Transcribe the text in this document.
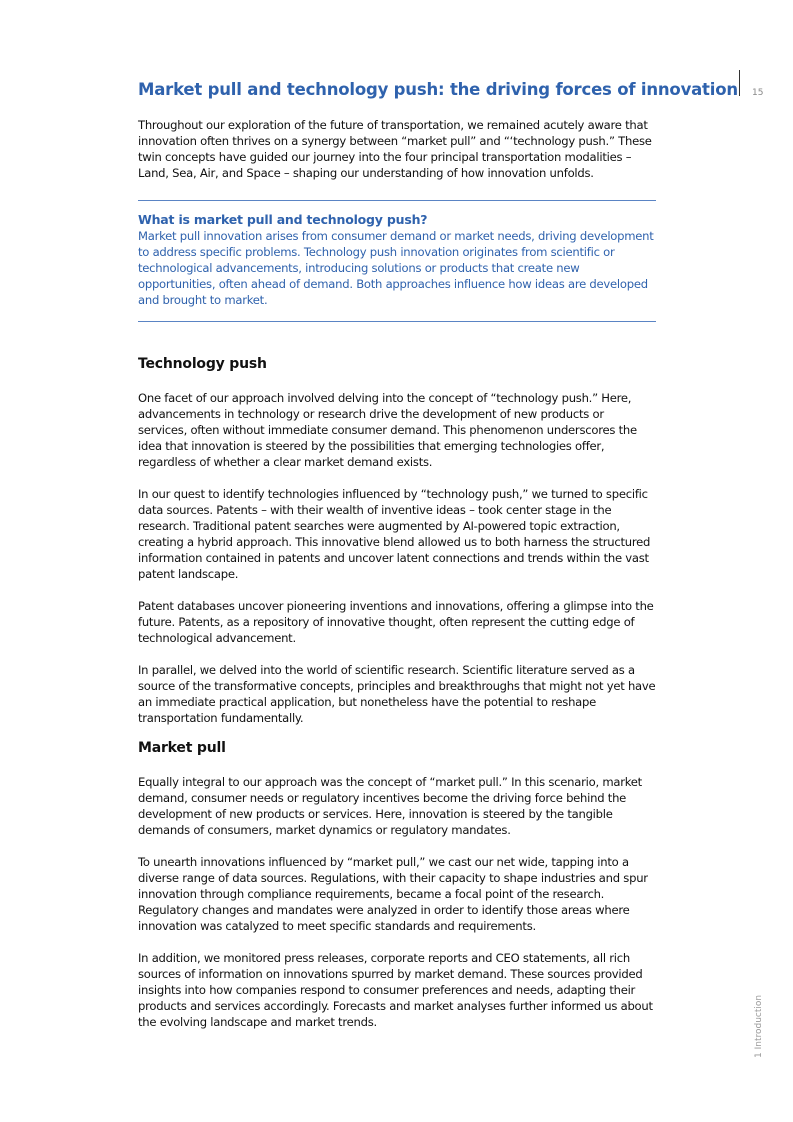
15
1 Introduction
Market pull and technology push: the driving forces of innovation

Throughout our exploration of the future of transportation, we remained acutely aware that innovation often thrives on a synergy between “market pull” and “‘technology push.” These twin concepts have guided our journey into the four principal transportation modalities – Land, Sea, Air, and Space – shaping our understanding of how innovation unfolds.

What is market pull and technology push?

Market pull innovation arises from consumer demand or market needs, driving development to address specific problems. Technology push innovation originates from scientific or technological advancements, introducing solutions or products that create new opportunities, often ahead of demand. Both approaches influence how ideas are developed and brought to market.

Technology push

One facet of our approach involved delving into the concept of “technology push.” Here, advancements in technology or research drive the development of new products or services, often without immediate consumer demand. This phenomenon underscores the idea that innovation is steered by the possibilities that emerging technologies offer, regardless of whether a clear market demand exists.

In our quest to identify technologies influenced by “technology push,” we turned to specific data sources. Patents – with their wealth of inventive ideas – took center stage in the research. Traditional patent searches were augmented by AI-powered topic extraction, creating a hybrid approach. This innovative blend allowed us to both harness the structured information contained in patents and uncover latent connections and trends within the vast patent landscape.

Patent databases uncover pioneering inventions and innovations, offering a glimpse into the future. Patents, as a repository of innovative thought, often represent the cutting edge of technological advancement.

In parallel, we delved into the world of scientific research. Scientific literature served as a source of the transformative concepts, principles and breakthroughs that might not yet have an immediate practical application, but nonetheless have the potential to reshape transportation fundamentally.

Market pull

Equally integral to our approach was the concept of “market pull.” In this scenario, market demand, consumer needs or regulatory incentives become the driving force behind the development of new products or services. Here, innovation is steered by the tangible demands of consumers, market dynamics or regulatory mandates.

To unearth innovations influenced by “market pull,” we cast our net wide, tapping into a diverse range of data sources. Regulations, with their capacity to shape industries and spur innovation through compliance requirements, became a focal point of the research. Regulatory changes and mandates were analyzed in order to identify those areas where innovation was catalyzed to meet specific standards and requirements.

In addition, we monitored press releases, corporate reports and CEO statements, all rich sources of information on innovations spurred by market demand. These sources provided insights into how companies respond to consumer preferences and needs, adapting their products and services accordingly. Forecasts and market analyses further informed us about the evolving landscape and market trends.
